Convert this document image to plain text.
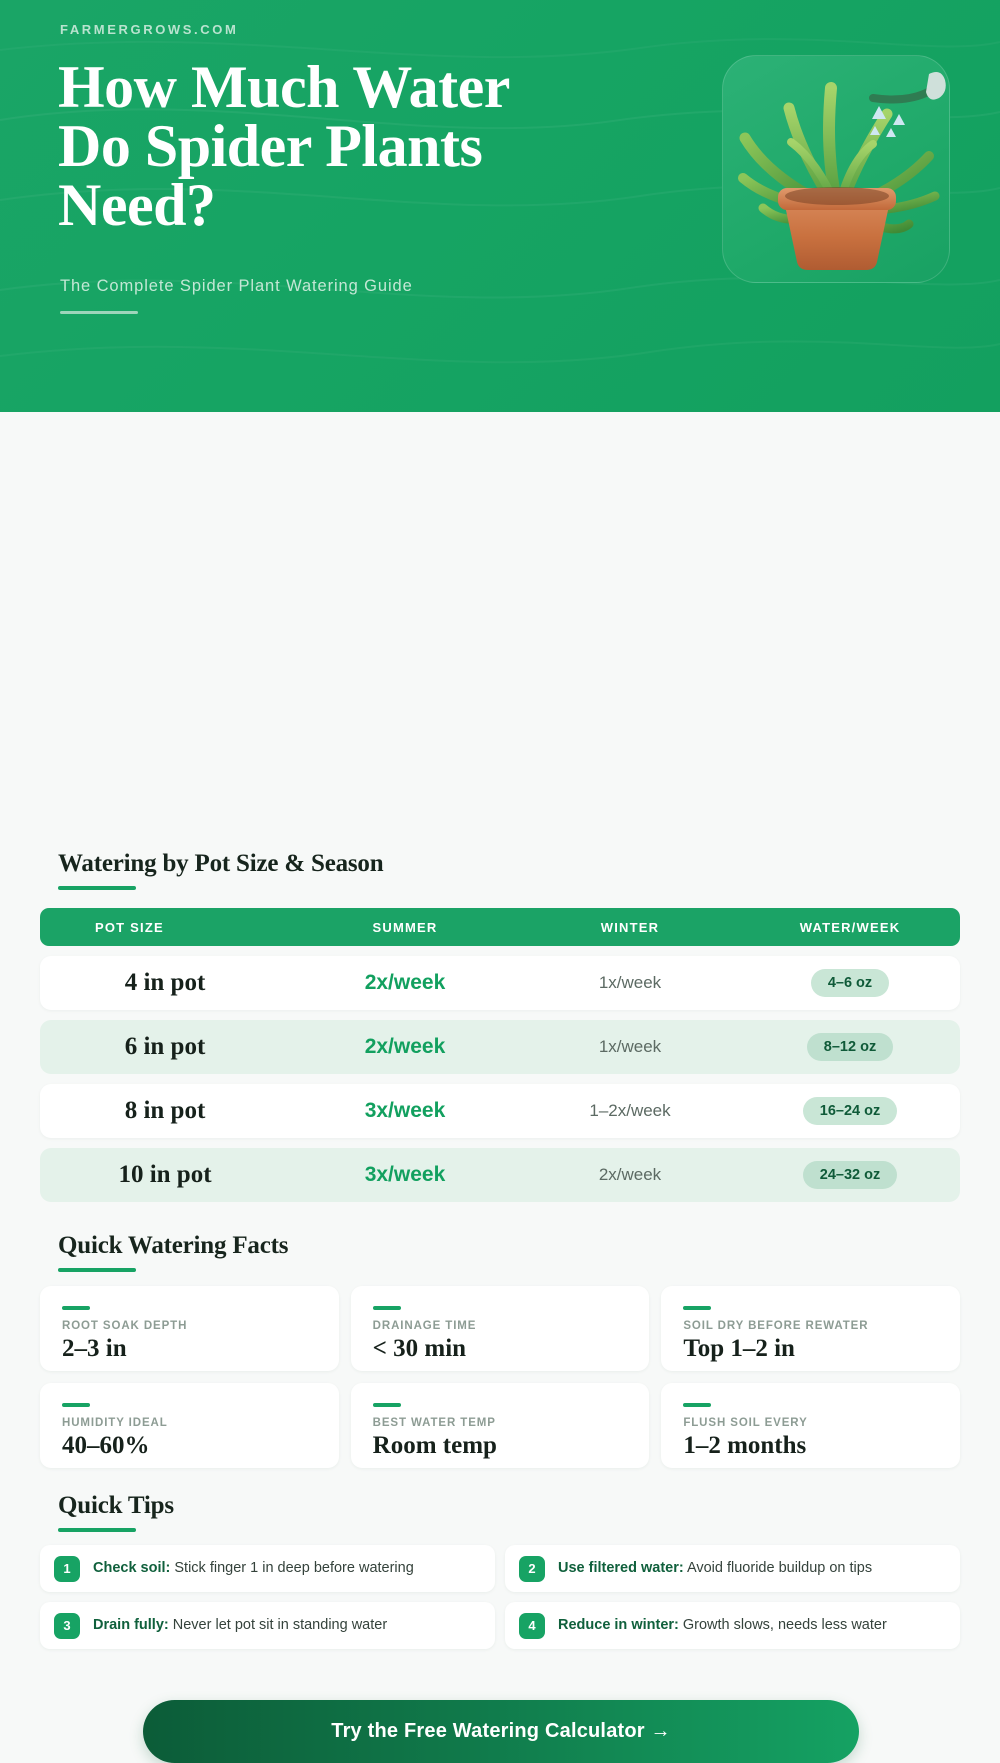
FARMERGROWS.COM
How Much Water
Do Spider Plants
Need?
The Complete Spider Plant Watering Guide
Watering by Pot Size & Season
POT SIZE	SUMMER	WINTER	WATER/WEEK
4 in pot	2x/week	1x/week	4–6 oz
6 in pot	2x/week	1x/week	8–12 oz
8 in pot	3x/week	1–2x/week	16–24 oz
10 in pot	3x/week	2x/week	24–32 oz
Quick Watering Facts
ROOT SOAK DEPTH
2–3 in
DRAINAGE TIME
< 30 min
SOIL DRY BEFORE REWATER
Top 1–2 in
HUMIDITY IDEAL
40–60%
BEST WATER TEMP
Room temp
FLUSH SOIL EVERY
1–2 months
Quick Tips
1	Check soil: Stick finger 1 in deep before watering	2	Use filtered water: Avoid fluoride buildup on tips
3	Drain fully: Never let pot sit in standing water	4	Reduce in winter: Growth slows, needs less water
Try the Free Watering Calculator →
